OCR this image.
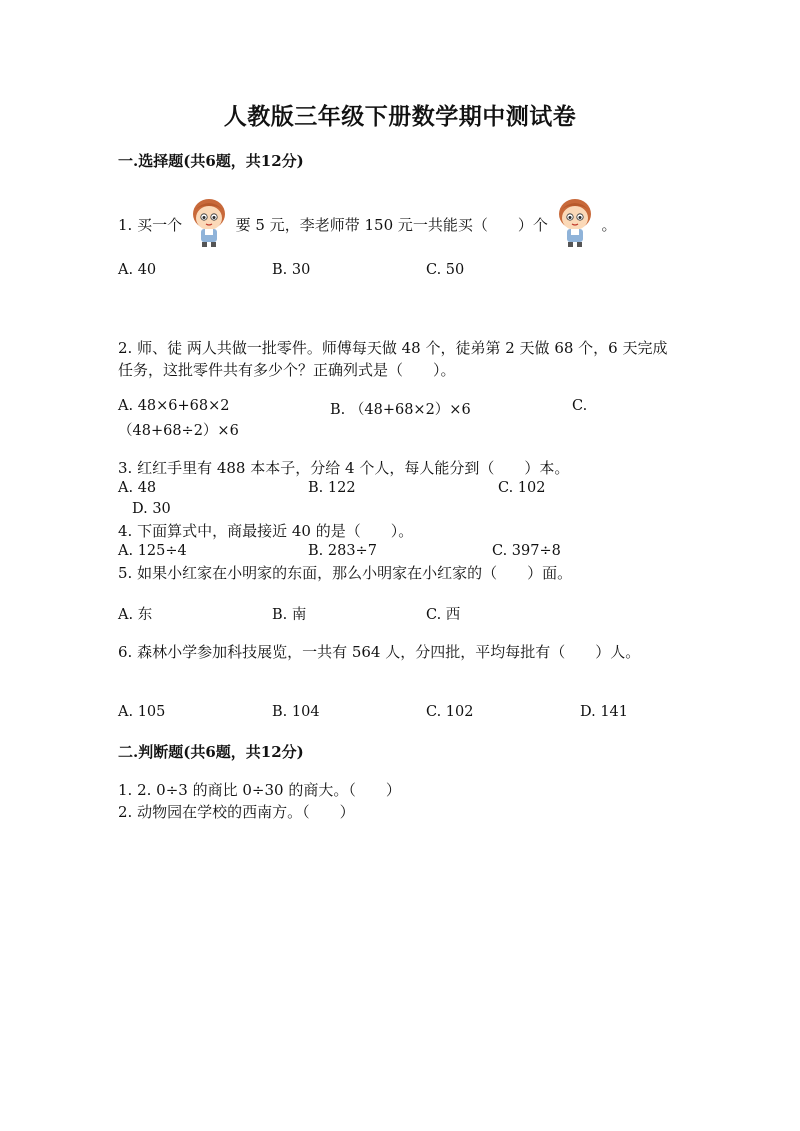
人教版三年级下册数学期中测试卷
一.选择题(共6题，共12分)
1. 买一个	要 5 元，李老师带 150 元一共能买（　　）个	。
A. 40	B. 30	C. 50
2. 师、徒 两人共做一批零件。师傅每天做 48 个，徒弟第 2 天做 68 个，6 天完成
任务，这批零件共有多少个？正确列式是（　　）。
A. 48×6+68×2	B. （48+68×2）×6	C.
（48+68÷2）×6
3. 红红手里有 488 本本子，分给 4 个人，每人能分到（　　）本。
A. 48	B. 122	C. 102
D. 30
4. 下面算式中，商最接近 40 的是（　　）。
A. 125÷4	B. 283÷7	C. 397÷8
5. 如果小红家在小明家的东面，那么小明家在小红家的（　　）面。
A. 东	B. 南	C. 西
6. 森林小学参加科技展览，一共有 564 人，分四批，平均每批有（　　）人。
A. 105	B. 104	C. 102	D. 141
二.判断题(共6题，共12分)
1. 2. 0÷3 的商比 0÷30 的商大。（　　）
2. 动物园在学校的西南方。（　　）
